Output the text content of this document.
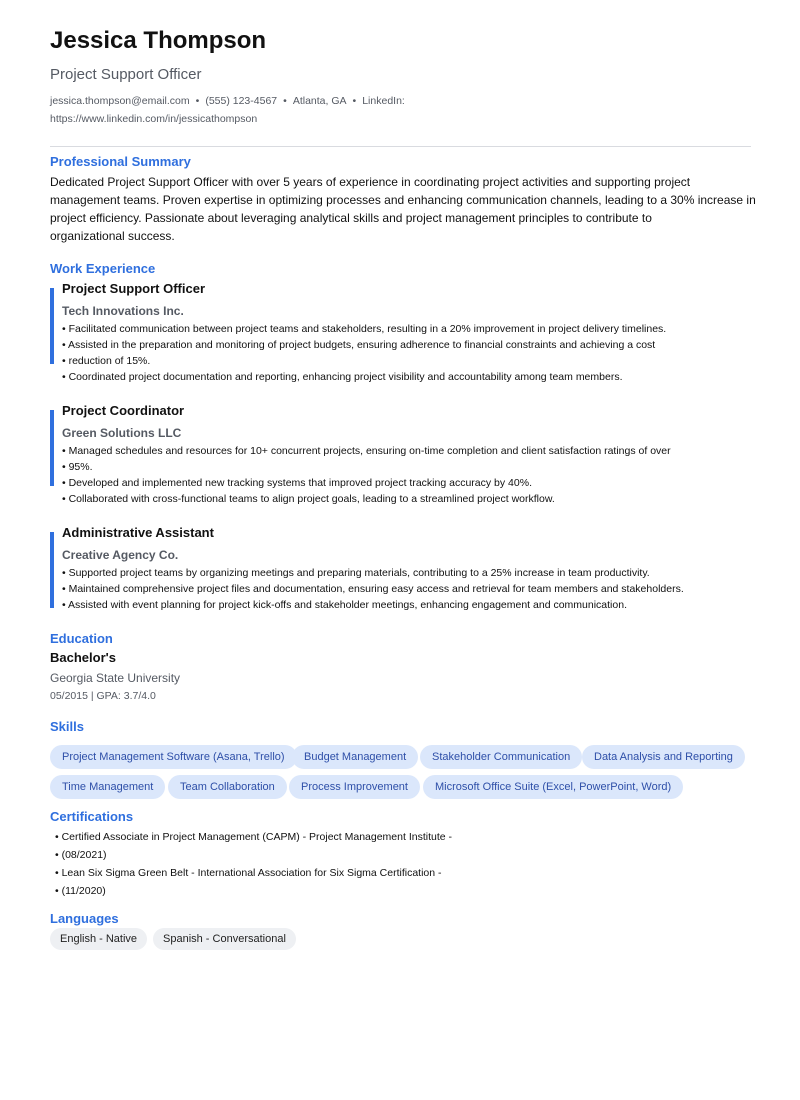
Jessica Thompson
Project Support Officer
jessica.thompson@email.com • (555) 123-4567 • Atlanta, GA • LinkedIn:
https://www.linkedin.com/in/jessicathompson
Professional Summary
Dedicated Project Support Officer with over 5 years of experience in coordinating project activities and supporting project
management teams. Proven expertise in optimizing processes and enhancing communication channels, leading to a 30% increase in
project efficiency. Passionate about leveraging analytical skills and project management principles to contribute to
organizational success.
Work Experience
Project Support Officer
Tech Innovations Inc.
• Facilitated communication between project teams and stakeholders, resulting in a 20% improvement in project delivery timelines.
• Assisted in the preparation and monitoring of project budgets, ensuring adherence to financial constraints and achieving a cost
• reduction of 15%.
• Coordinated project documentation and reporting, enhancing project visibility and accountability among team members.
Project Coordinator
Green Solutions LLC
• Managed schedules and resources for 10+ concurrent projects, ensuring on-time completion and client satisfaction ratings of over
• 95%.
• Developed and implemented new tracking systems that improved project tracking accuracy by 40%.
• Collaborated with cross-functional teams to align project goals, leading to a streamlined project workflow.
Administrative Assistant
Creative Agency Co.
• Supported project teams by organizing meetings and preparing materials, contributing to a 25% increase in team productivity.
• Maintained comprehensive project files and documentation, ensuring easy access and retrieval for team members and stakeholders.
• Assisted with event planning for project kick-offs and stakeholder meetings, enhancing engagement and communication.
Education
Bachelor's
Georgia State University
05/2015 | GPA: 3.7/4.0
Skills
Project Management Software (Asana, Trello)	Budget Management	Stakeholder Communication	Data Analysis and Reporting
Time Management	Team Collaboration	Process Improvement	Microsoft Office Suite (Excel, PowerPoint, Word)
Certifications
• Certified Associate in Project Management (CAPM) - Project Management Institute -
• (08/2021)
• Lean Six Sigma Green Belt - International Association for Six Sigma Certification -
• (11/2020)
Languages
English - Native	Spanish - Conversational
